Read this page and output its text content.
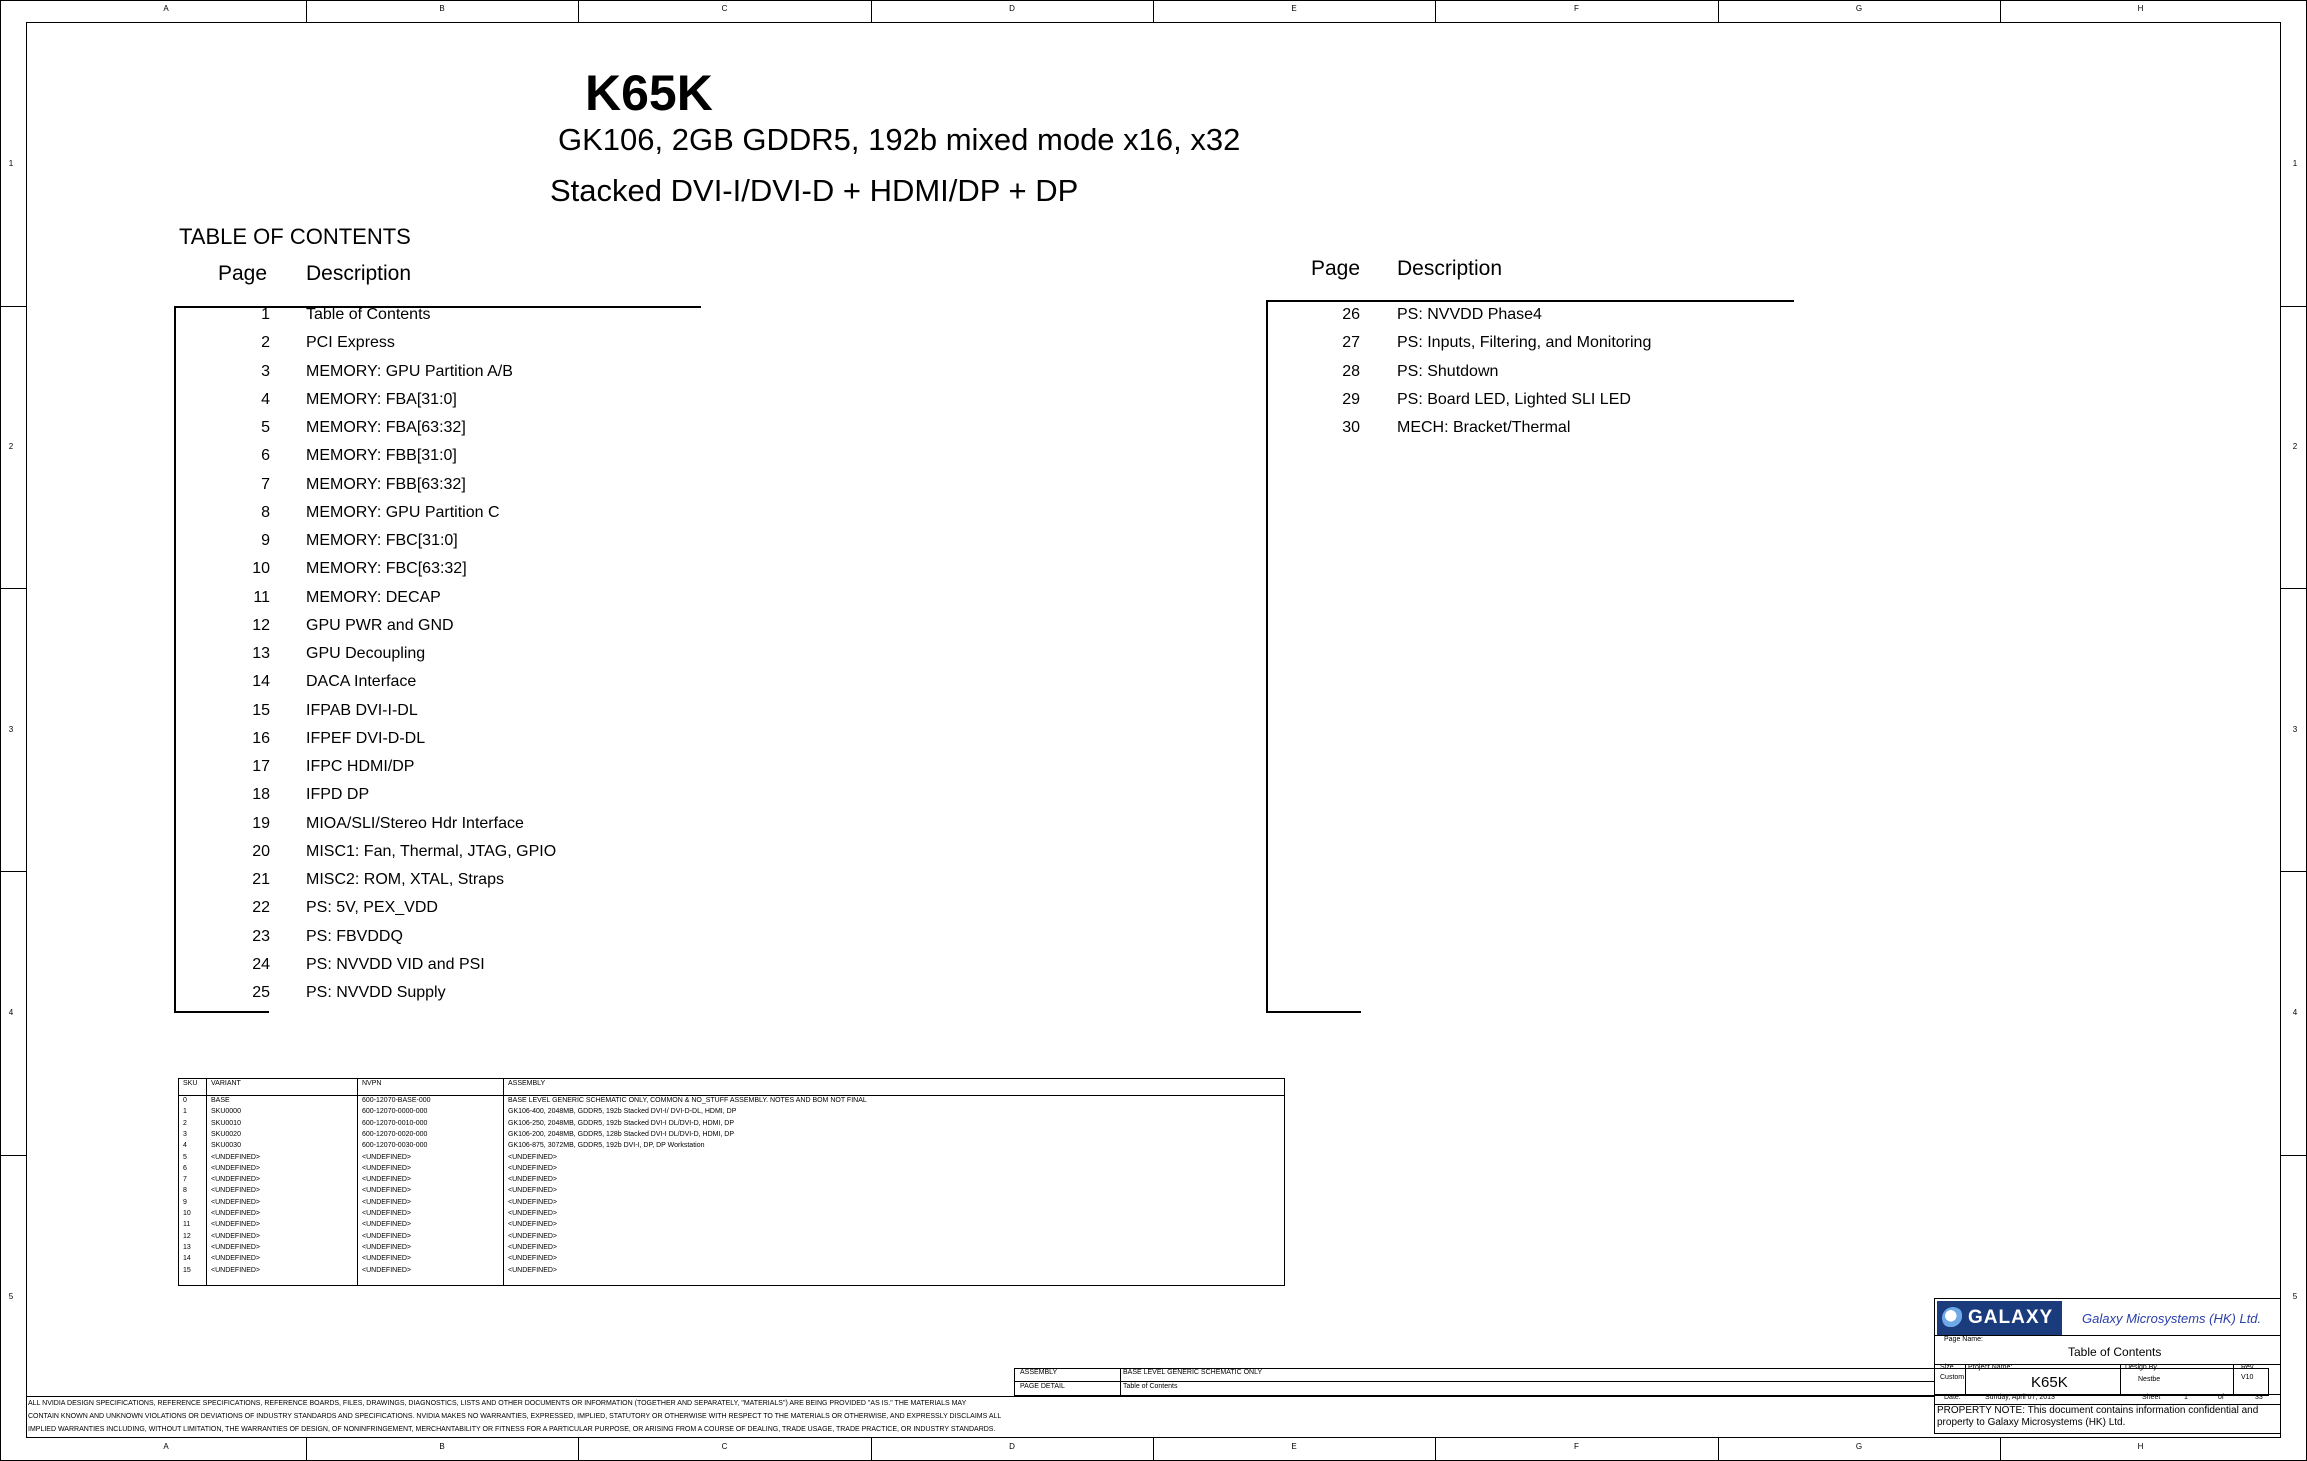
A
A
B
B
C
C
D
D
E
E
F
F
G
G
H
H
1	1
2	2
3	3
4	4
5	5
K65K
GK106, 2GB GDDR5, 192b mixed mode x16, x32
Stacked DVI-I/DVI-D + HDMI/DP + DP
TABLE OF CONTENTS
Page Description	Page Description
1 Table of Contents
2 PCI Express
3 MEMORY: GPU Partition A/B
4 MEMORY: FBA[31:0]
5 MEMORY: FBA[63:32]
6 MEMORY: FBB[31:0]
7 MEMORY: FBB[63:32]
8 MEMORY: GPU Partition C
9 MEMORY: FBC[31:0]
10 MEMORY: FBC[63:32]
11 MEMORY: DECAP
12 GPU PWR and GND
13 GPU Decoupling
14 DACA Interface
15 IFPAB DVI-I-DL
16 IFPEF DVI-D-DL
17 IFPC HDMI/DP
18 IFPD DP
19 MIOA/SLI/Stereo Hdr Interface
20 MISC1: Fan, Thermal, JTAG, GPIO
21 MISC2: ROM, XTAL, Straps
22 PS: 5V, PEX_VDD
23 PS: FBVDDQ
24 PS: NVVDD VID and PSI
25 PS: NVVDD Supply
26 PS: NVVDD Phase4
27 PS: Inputs, Filtering, and Monitoring
28 PS: Shutdown
29 PS: Board LED, Lighted SLI LED
30 MECH: Bracket/Thermal
SKU VARIANT	NVPN	ASSEMBLY
0	BASE	600-12070-BASE-000	BASE LEVEL GENERIC SCHEMATIC ONLY, COMMON & NO_STUFF ASSEMBLY. NOTES AND BOM NOT FINAL
1	SKU0000	600-12070-0000-000	GK106-400, 2048MB, GDDR5, 192b Stacked DVI-I/ DVI-D-DL, HDMI, DP
2	SKU0010	600-12070-0010-000	GK106-250, 2048MB, GDDR5, 192b Stacked DVI-I DL/DVI-D, HDMI, DP
3	SKU0020	600-12070-0020-000	GK106-200, 2048MB, GDDR5, 128b Stacked DVI-I DL/DVI-D, HDMI, DP
4	SKU0030	600-12070-0030-000	GK106-875, 3072MB, GDDR5, 192b DVI-I, DP, DP Workstation
5	<UNDEFINED>	<UNDEFINED>	<UNDEFINED>
6	<UNDEFINED>	<UNDEFINED>	<UNDEFINED>
7	<UNDEFINED>	<UNDEFINED>	<UNDEFINED>
8	<UNDEFINED>	<UNDEFINED>	<UNDEFINED>
9	<UNDEFINED>	<UNDEFINED>	<UNDEFINED>
10	<UNDEFINED>	<UNDEFINED>	<UNDEFINED>
11	<UNDEFINED>	<UNDEFINED>	<UNDEFINED>
12	<UNDEFINED>	<UNDEFINED>	<UNDEFINED>
13	<UNDEFINED>	<UNDEFINED>	<UNDEFINED>
14	<UNDEFINED>	<UNDEFINED>	<UNDEFINED>
15	<UNDEFINED>	<UNDEFINED>	<UNDEFINED>
ASSEMBLY	BASE LEVEL GENERIC SCHEMATIC ONLY
PAGE DETAIL	Table of Contents
ALL NVIDIA DESIGN SPECIFICATIONS, REFERENCE SPECIFICATIONS, REFERENCE BOARDS, FILES, DRAWINGS, DIAGNOSTICS, LISTS AND OTHER DOCUMENTS OR INFORMATION (TOGETHER AND SEPARATELY, "MATERIALS") ARE BEING PROVIDED "AS IS." THE MATERIALS MAY
CONTAIN KNOWN AND UNKNOWN VIOLATIONS OR DEVIATIONS OF INDUSTRY STANDARDS AND SPECIFICATIONS. NVIDIA MAKES NO WARRANTIES, EXPRESSED, IMPLIED, STATUTORY OR OTHERWISE WITH RESPECT TO THE MATERIALS OR OTHERWISE, AND EXPRESSLY DISCLAIMS ALL
IMPLIED WARRANTIES INCLUDING, WITHOUT LIMITATION, THE WARRANTIES OF DESIGN, OF NONINFRINGEMENT, MERCHANTABILITY OR FITNESS FOR A PARTICULAR PURPOSE, OR ARISING FROM A COURSE OF DEALING, TRADE USAGE, TRADE PRACTICE, OR INDUSTRY STANDARDS.
GALAXY Galaxy Microsystems (HK) Ltd.
Page Name:
Table of Contents
Size
Custom
Project Name:
K65K
Design By
Nestbe
Rev
V10
Date:	Sunday, April 07, 2013	Sheet	1	of	33
PROPERTY NOTE: This document contains information confidential and
property to Galaxy Microsystems (HK) Ltd.
